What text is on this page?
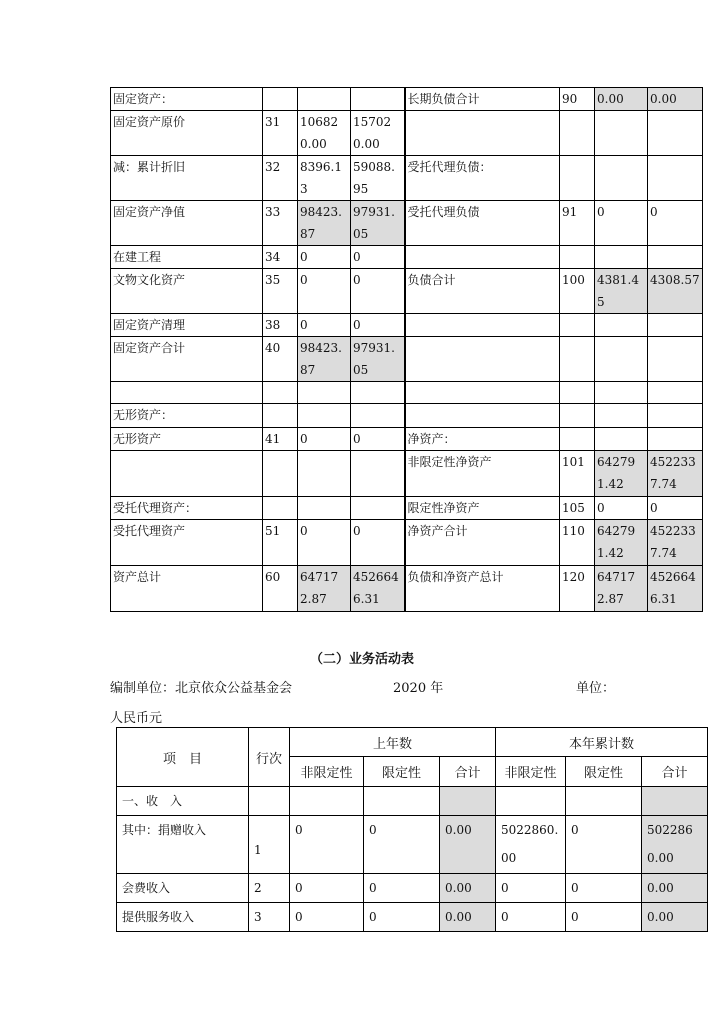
固定资产：				长期负债合计	90	0.00	0.00
固定资产原价	31	106820.00	157020.00				
减：累计折旧	32	8396.13	59088.95	受托代理负债：			
固定资产净值	33	98423.87	97931.05	受托代理负债	91	0	0
在建工程	34	0	0				
文物文化资产	35	0	0	负债合计	100	4381.45	4308.57
固定资产清理	38	0	0				
固定资产合计	40	98423.87	97931.05				

无形资产：							
无形资产	41	0	0	净资产：			
				非限定性净资产	101	642791.42	4522337.74
受托代理资产：				限定性净资产	105	0	0
受托代理资产	51	0	0	净资产合计	110	642791.42	4522337.74
资产总计	60	647172.87	4526646.31	负债和净资产总计	120	647172.87	4526646.31
（二）业务活动表
编制单位：北京依众公益基金会	2020 年	单位：
人民币元
项　目	行次	上年数			本年累计数		
		非限定性	限定性	合计	非限定性	限定性	合计
一、收　入							
其中：捐赠收入	1	0	0	0.00	5022860.00	0	5022860.00
会费收入	2	0	0	0.00	0	0	0.00
提供服务收入	3	0	0	0.00	0	0	0.00
